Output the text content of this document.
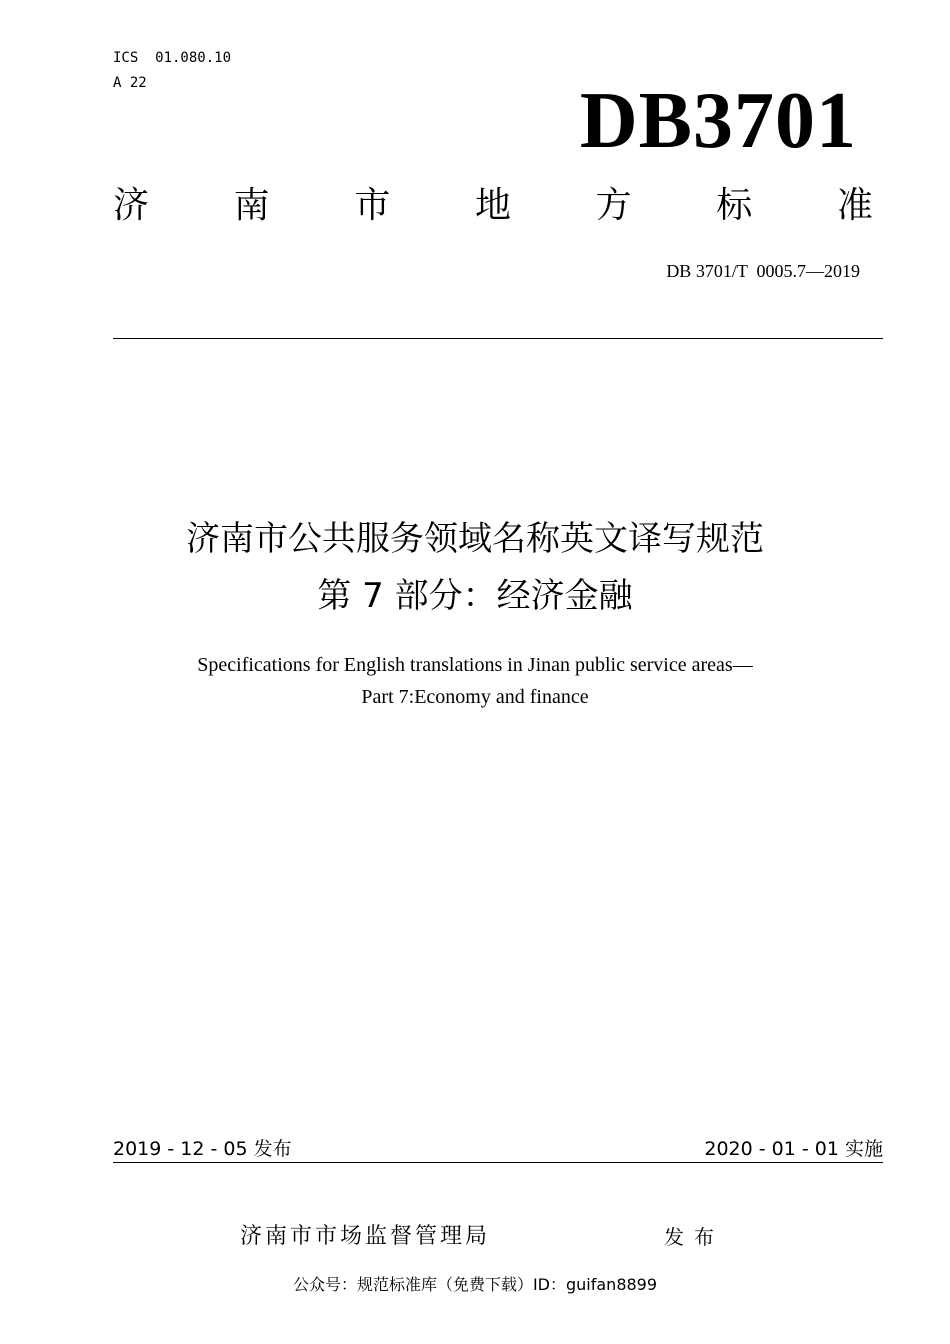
ICS  01.080.10
A 22	DB3701
济 南 市 地 方 标 准
DB 3701/T  0005.7—2019
济南市公共服务领域名称英文译写规范
第 7 部分：经济金融
Specifications for English translations in Jinan public service areas—
Part 7:Economy and finance
2019 - 12 - 05 发布	2020 - 01 - 01 实施
济南市市场监督管理局	发布
公众号：规范标准库（免费下载）ID：guifan8899
